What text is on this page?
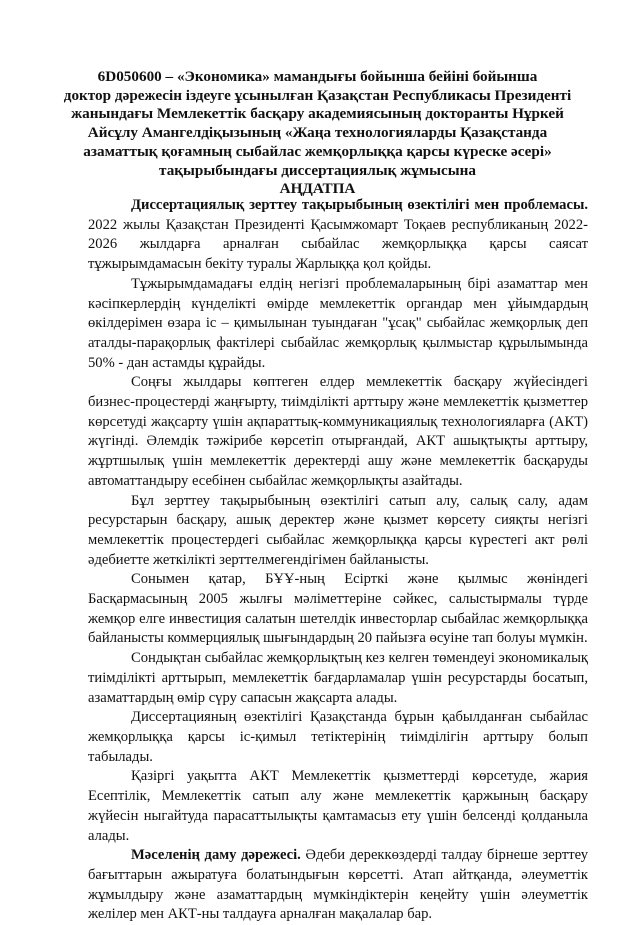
6D050600 – «Экономика» мамандығы бойынша бейіні бойынша
доктор дәрежесін іздеуге ұсынылған Қазақстан Республикасы Президенті
жанындағы Мемлекеттік басқару академиясының докторанты Нұркей
Айсұлу Амангелдіқызының «Жаңа технологияларды Қазақстанда
азаматтық қоғамның сыбайлас жемқорлыққа қарсы күреске әсері»
тақырыбындағы диссертациялық жұмысына
АҢДАТПА

Диссертациялық зерттеу тақырыбының өзектілігі мен проблемасы. 2022 жылы Қазақстан Президенті Қасымжомарт Тоқаев республиканың 2022-2026 жылдарға арналған сыбайлас жемқорлыққа қарсы саясат тұжырымдамасын бекіту туралы Жарлыққа қол қойды.

Тұжырымдамадағы елдің негізгі проблемаларының бірі азаматтар мен кәсіпкерлердің күнделікті өмірде мемлекеттік органдар мен ұйымдардың өкілдерімен өзара іс – қимылынан туындаған "ұсақ" сыбайлас жемқорлық деп аталды-парақорлық фактілері сыбайлас жемқорлық қылмыстар құрылымында 50% - дан астамды құрайды.

Соңғы жылдары көптеген елдер мемлекеттік басқару жүйесіндегі бизнес-процестерді жаңғырту, тиімділікті арттыру және мемлекеттік қызметтер көрсетуді жақсарту үшін ақпараттық-коммуникациялық технологияларға (АКТ) жүгінді. Әлемдік тәжірибе көрсетіп отырғандай, АКТ ашықтықты арттыру, жұртшылық үшін мемлекеттік деректерді ашу және мемлекеттік басқаруды автоматтандыру есебінен сыбайлас жемқорлықты азайтады.

Бұл зерттеу тақырыбының өзектілігі сатып алу, салық салу, адам ресурстарын басқару, ашық деректер және қызмет көрсету сияқты негізгі мемлекеттік процестердегі сыбайлас жемқорлыққа қарсы күрестегі акт рөлі әдебиетте жеткілікті зерттелмегендігімен байланысты.

Сонымен қатар, БҰҰ-ның Есірткі және қылмыс жөніндегі Басқармасының 2005 жылғы мәліметтеріне сәйкес, салыстырмалы түрде жемқор елге инвестиция салатын шетелдік инвесторлар сыбайлас жемқорлыққа байланысты коммерциялық шығындардың 20 пайызға өсуіне тап болуы мүмкін.

Сондықтан сыбайлас жемқорлықтың кез келген төмендеуі экономикалық тиімділікті арттырып, мемлекеттік бағдарламалар үшін ресурстарды босатып, азаматтардың өмір сүру сапасын жақсарта алады.

Диссертацияның өзектілігі Қазақстанда бұрын қабылданған сыбайлас жемқорлыққа қарсы іс-қимыл тетіктерінің тиімділігін арттыру болып табылады.

Қазіргі уақытта АКТ Мемлекеттік қызметтерді көрсетуде, жария Есептілік, Мемлекеттік сатып алу және мемлекеттік қаржының басқару жүйесін ныгайтуда парасаттылықты қамтамасыз ету үшін белсенді қолданыла алады.

Мәселенің даму дәрежесі. Әдеби дереккөздерді талдау бірнеше зерттеу бағыттарын ажыратуға болатындығын көрсетті. Атап айтқанда, әлеуметтік жұмылдыру және азаматтардың мүмкіндіктерін кеңейту үшін әлеуметтік желілер мен АКТ-ны талдауға арналған мақалалар бар.
